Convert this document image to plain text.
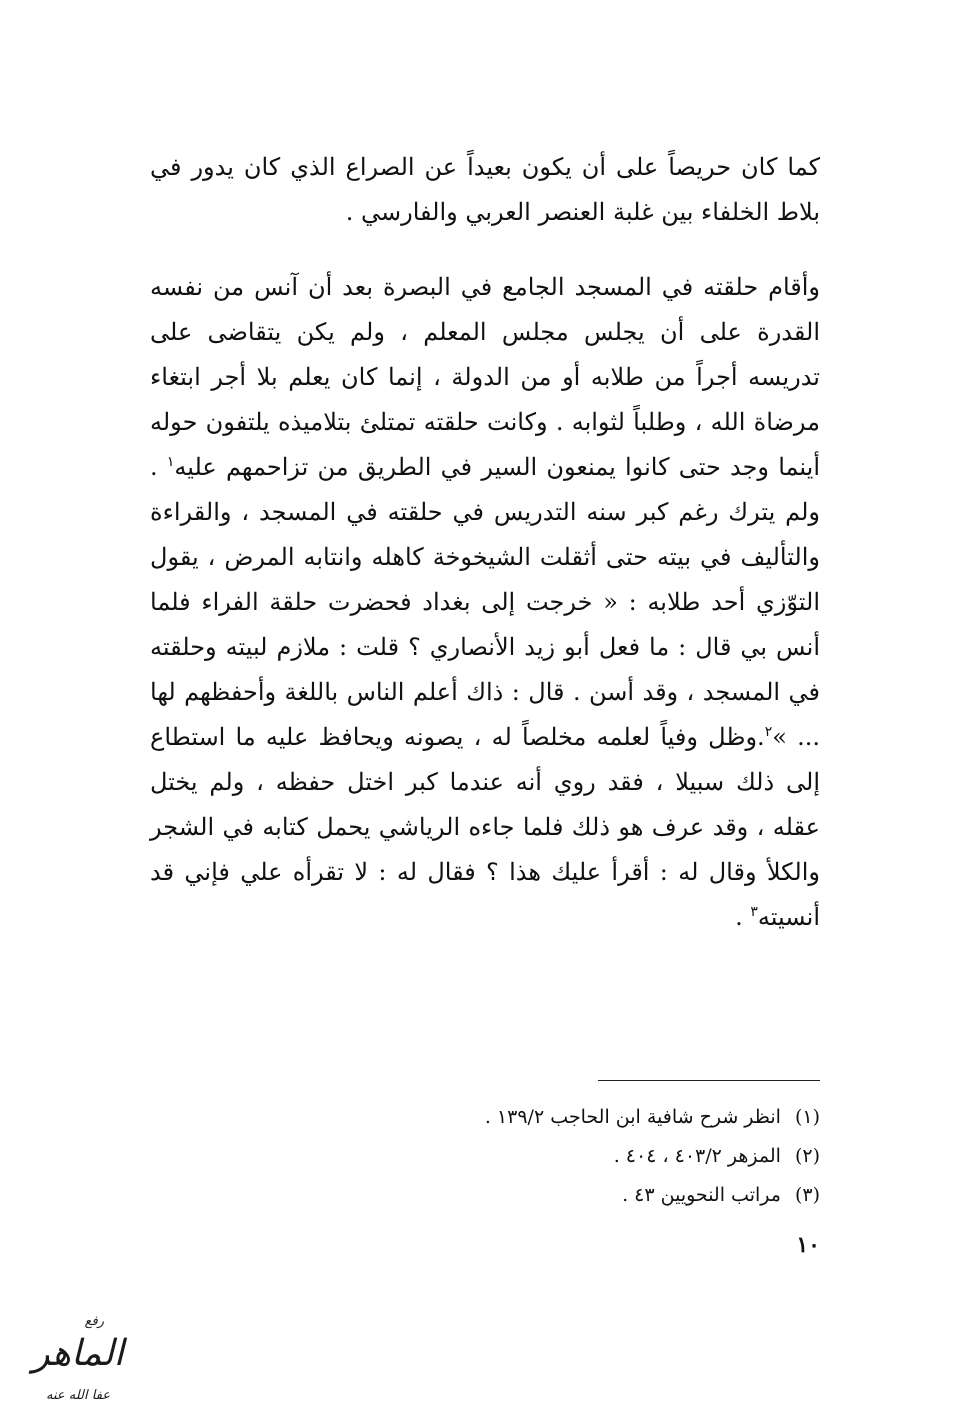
كما كان حريصاً على أن يكون بعيداً عن الصراع الذي كان يدور في بلاط الخلفاء بين غلبة العنصر العربي والفارسي .

وأقام حلقته في المسجد الجامع في البصرة بعد أن آنس من نفسه القدرة على أن يجلس مجلس المعلم ، ولم يكن يتقاضى على تدريسه أجراً من طلابه أو من الدولة ، إنما كان يعلم بلا أجر ابتغاء مرضاة الله ، وطلباً لثوابه . وكانت حلقته تمتلئ بتلاميذه يلتفون حوله أينما وجد حتى كانوا يمنعون السير في الطريق من تزاحمهم عليه$^١$ . ولم يترك رغم كبر سنه التدريس في حلقته في المسجد ، والقراءة والتأليف في بيته حتى أثقلت الشيخوخة كاهله وانتابه المرض ، يقول التوّزي أحد طلابه : « خرجت إلى بغداد فحضرت حلقة الفراء فلما أنس بي قال : ما فعل أبو زيد الأنصاري ؟ قلت : ملازم لبيته وحلقته في المسجد ، وقد أسن . قال : ذاك أعلم الناس باللغة وأحفظهم لها ... »$^٢$.وظل وفياً لعلمه مخلصاً له ، يصونه ويحافظ عليه ما استطاع إلى ذلك سبيلا ، فقد روي أنه عندما كبر اختل حفظه ، ولم يختل عقله ، وقد عرف هو ذلك فلما جاءه الرياشي يحمل كتابه في الشجر والكلأ وقال له : أقرأ عليك هذا ؟ فقال له : لا تقرأه علي فإني قد أنسيته$^٣$ .

(١)انظر شرح شافية ابن الحاجب ١٣٩/٢ .
(٢)المزهر ٤٠٣/٢ ، ٤٠٤ .
(٣)مراتب النحويين ٤٣ .
١٠
رفع
الماهر
عفا الله عنه
